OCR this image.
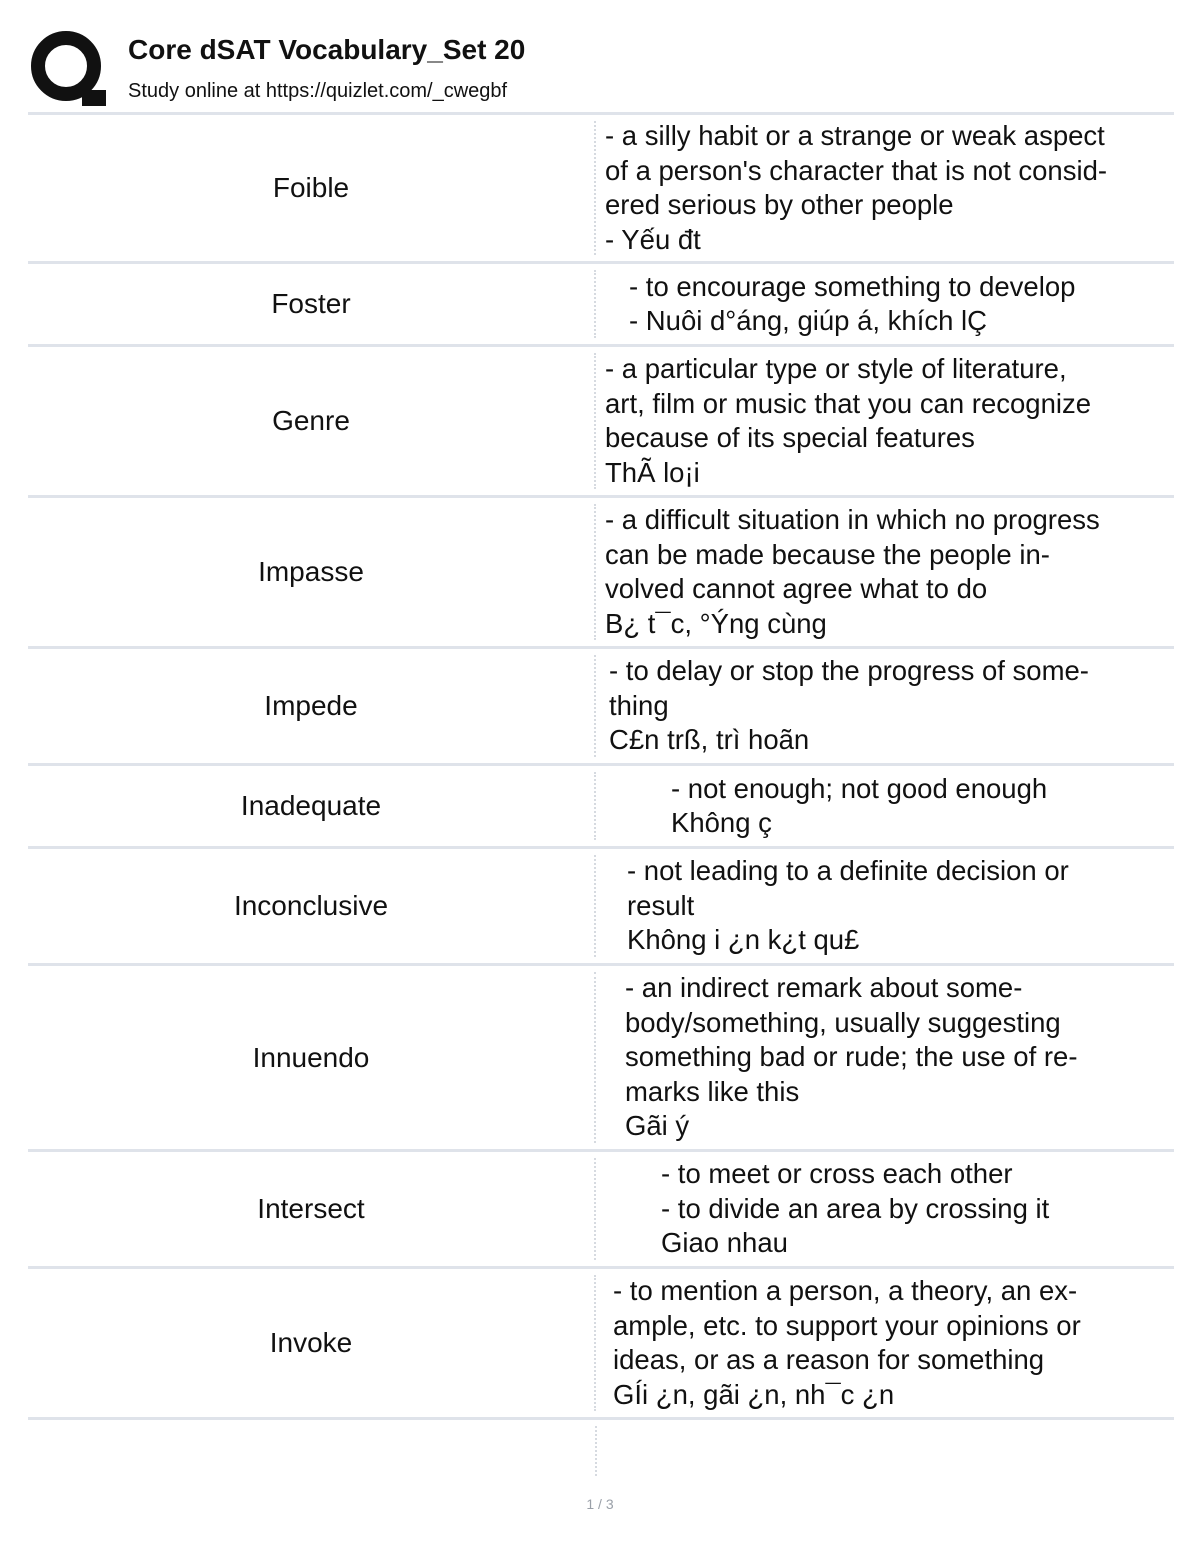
Core dSAT Vocabulary_Set 20
Study online at https://quizlet.com/_cwegbf
Foible
- a silly habit or a strange or weak aspect
of a person's character that is not consid-
ered serious by other people
- Yếu đt
Foster
- to encourage something to develop
- Nuôi d°áng, giúp á, khích lÇ
Genre
- a particular type or style of literature,
art, film or music that you can recognize
because of its special features
ThÃ lo¡i
Impasse
- a difficult situation in which no progress
can be made because the people in-
volved cannot agree what to do
B¿ t¯c, °Ýng cùng
Impede
- to delay or stop the progress of some-
thing
C£n trß, trì hoãn
Inadequate
- not enough; not good enough
Không ç
Inconclusive
- not leading to a definite decision or
result
Không i ¿n k¿t qu£
Innuendo
- an indirect remark about some-
body/something, usually suggesting
something bad or rude; the use of re-
marks like this
Gãi ý
Intersect
- to meet or cross each other
- to divide an area by crossing it
Giao nhau
Invoke
- to mention a person, a theory, an ex-
ample, etc. to support your opinions or
ideas, or as a reason for something
GÍi ¿n, gãi ¿n, nh¯c ¿n
1 / 3
